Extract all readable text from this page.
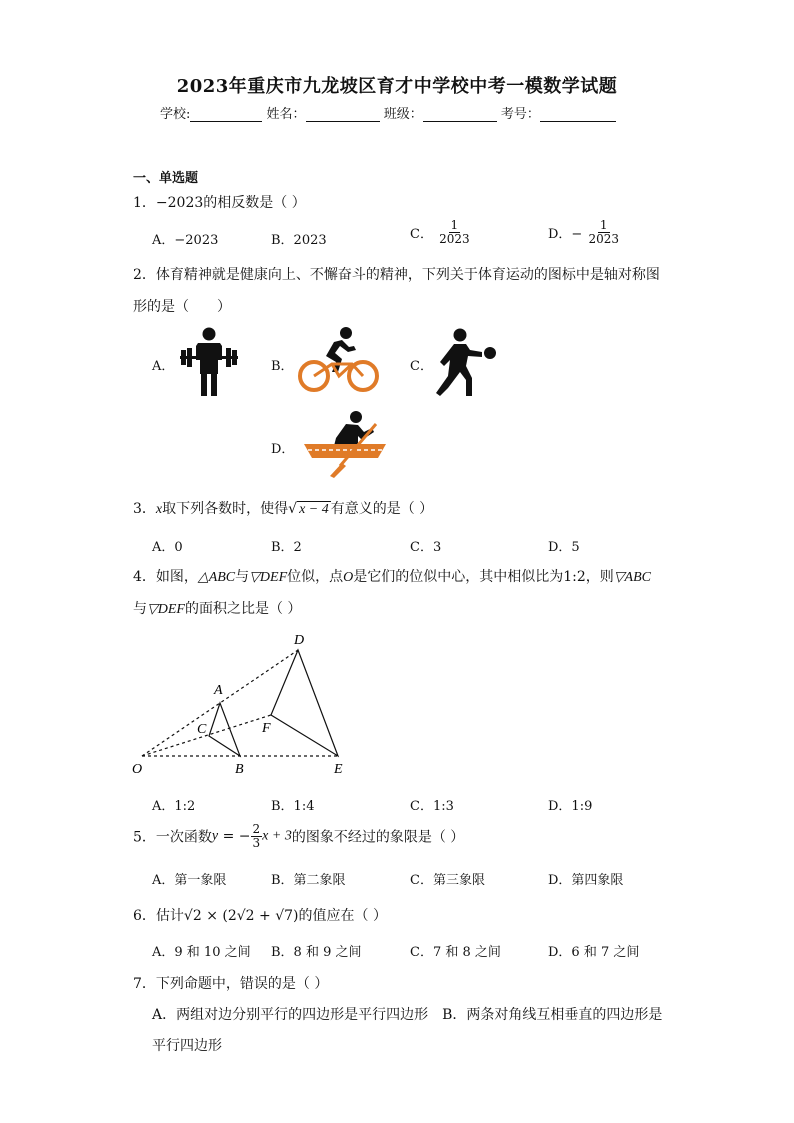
2023年重庆市九龙坡区育才中学校中考一模数学试题
学校:	姓名：	班级：	考号：
一、单选题
1．−2023的相反数是（ ）
A．−2023	B．2023	C． $\frac{1}{2023}$	D．− $\frac{1}{2023}$
2．体育精神就是健康向上、不懈奋斗的精神，下列关于体育运动的图标中是轴对称图
形的是（　　）
A．	B．	C．
D．
3．x取下列各数时，使得√ x − 4 有意义的是（ ）
A．0	B．2	C．3	D．5
4．如图，△ABC与▽DEF位似，点O是它们的位似中心，其中相似比为1:2，则▽ABC
与▽DEF的面积之比是（ ）
D
A
C	F
O	B	E
A．1:2	B．1:4	C．1:3	D．1:9
5．一次函数y = − $\frac{2}{3}$ x + 3的图象不经过的象限是（ ）
A．第一象限	B．第二象限	C．第三象限	D．第四象限
6．估计√2 × (2√2 + √7)的值应在（ ）
A．9 和 10 之间 B．8 和 9 之间	C．7 和 8 之间	D．6 和 7 之间
7．下列命题中，错误的是（ ）
A．两组对边分别平行的四边形是平行四边形　B．两条对角线互相垂直的四边形是
平行四边形
